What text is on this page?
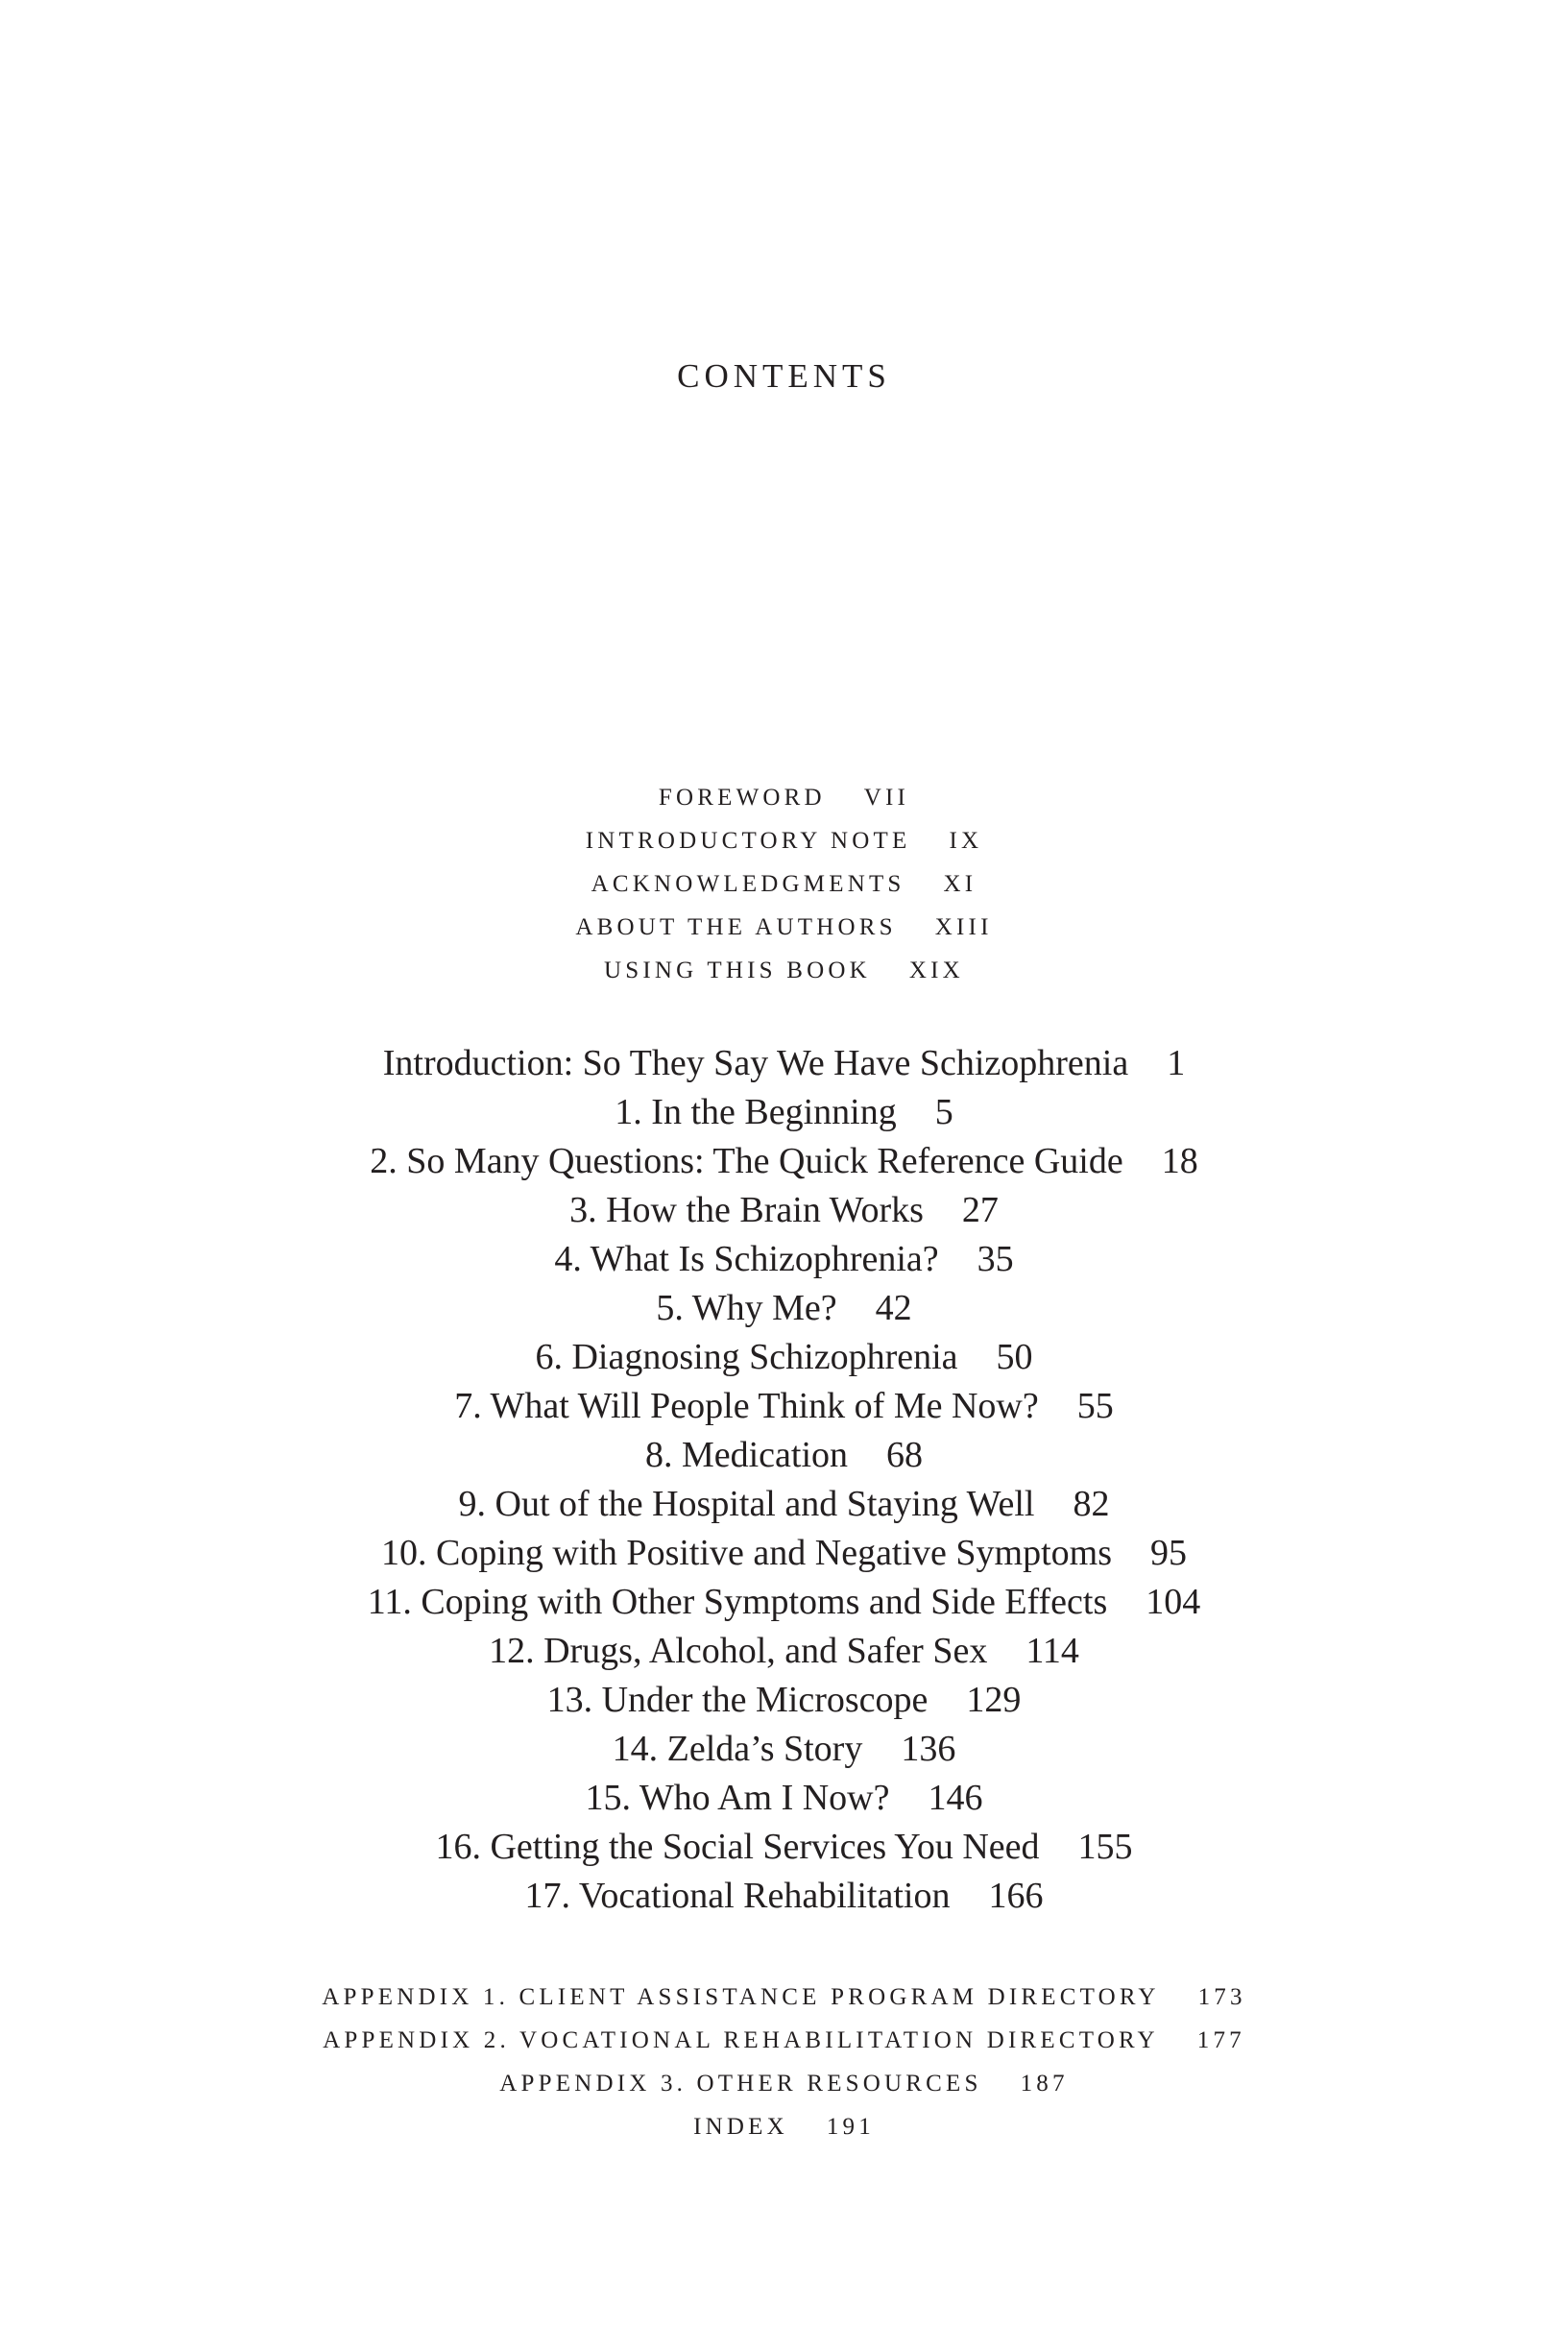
CONTENTS
FOREWORD VII
INTRODUCTORY NOTE IX
ACKNOWLEDGMENTS XI
ABOUT THE AUTHORS XIII
USING THIS BOOK XIX
Introduction: So They Say We Have Schizophrenia 1
1. In the Beginning 5
2. So Many Questions: The Quick Reference Guide 18
3. How the Brain Works 27
4. What Is Schizophrenia? 35
5. Why Me? 42
6. Diagnosing Schizophrenia 50
7. What Will People Think of Me Now? 55
8. Medication 68
9. Out of the Hospital and Staying Well 82
10. Coping with Positive and Negative Symptoms 95
11. Coping with Other Symptoms and Side Effects 104
12. Drugs, Alcohol, and Safer Sex 114
13. Under the Microscope 129
14. Zelda’s Story 136
15. Who Am I Now? 146
16. Getting the Social Services You Need 155
17. Vocational Rehabilitation 166
APPENDIX 1. CLIENT ASSISTANCE PROGRAM DIRECTORY 173
APPENDIX 2. VOCATIONAL REHABILITATION DIRECTORY 177
APPENDIX 3. OTHER RESOURCES 187
INDEX 191
